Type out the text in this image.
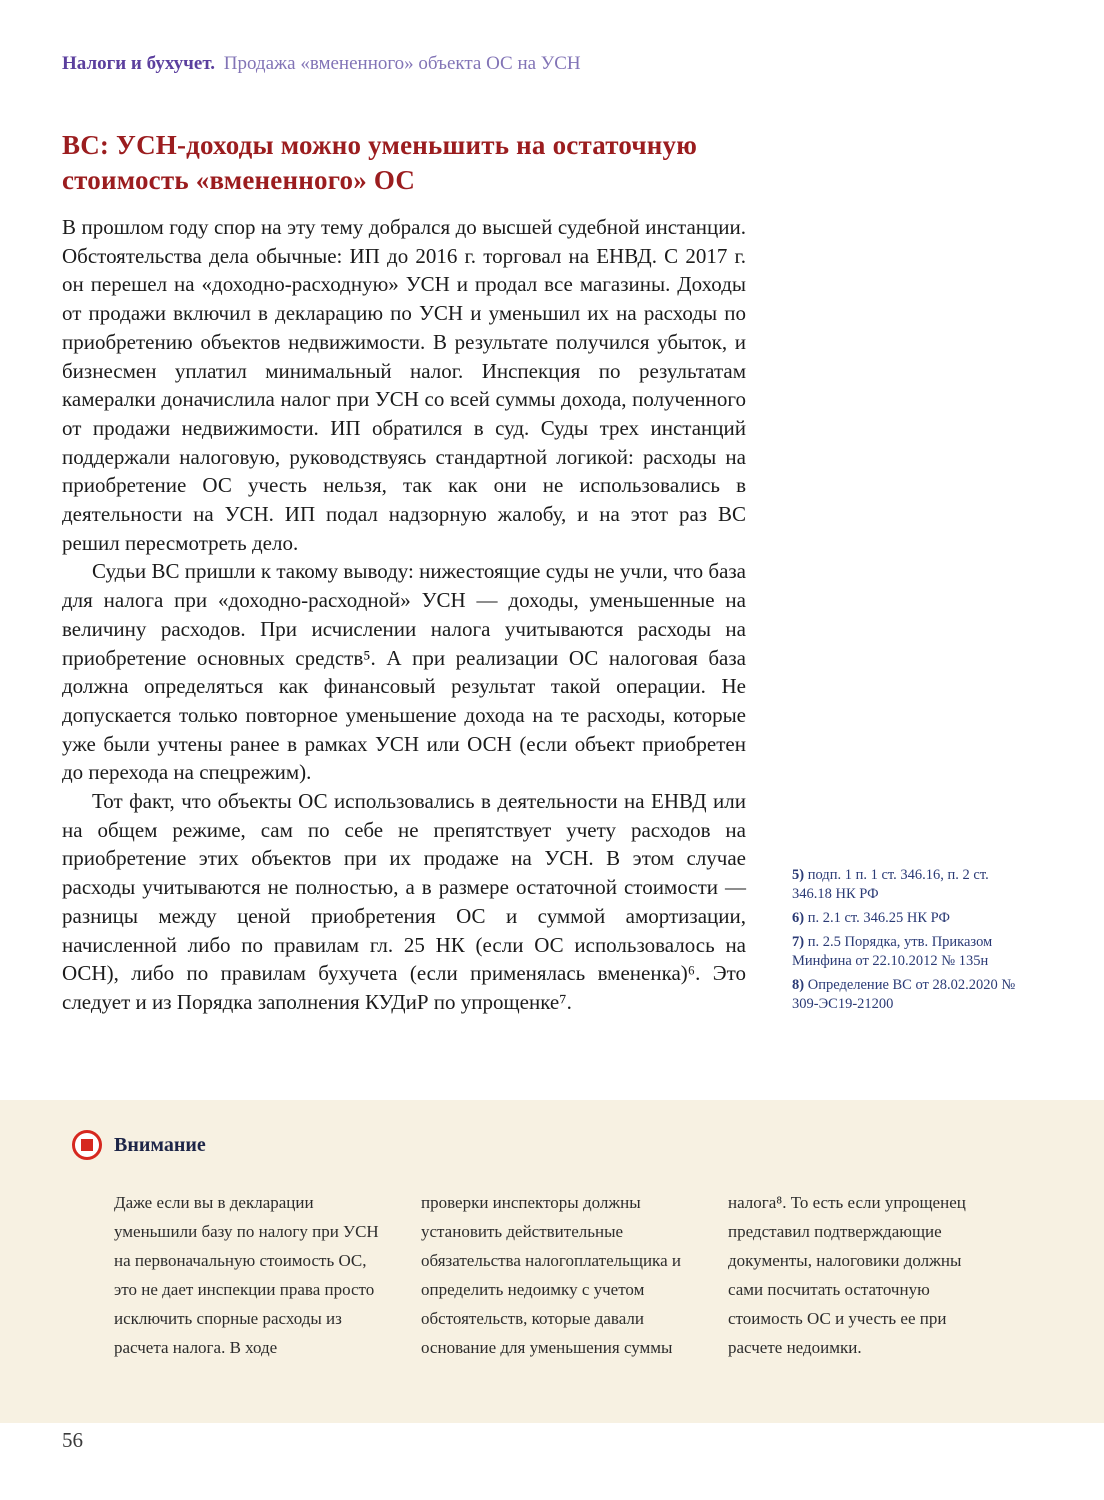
Налоги и бухучет. Продажа «вмененного» объекта ОС на УСН
ВС: УСН-доходы можно уменьшить на остаточную стоимость «вмененного» ОС

В прошлом году спор на эту тему добрался до высшей судебной инстанции. Обстоятельства дела обычные: ИП до 2016 г. торговал на ЕНВД. С 2017 г. он перешел на «доходно-расходную» УСН и продал все магазины. Доходы от продажи включил в декларацию по УСН и уменьшил их на расходы по приобретению объектов недвижимости. В результате получился убыток, и бизнесмен уплатил минимальный налог. Инспекция по результатам камералки доначислила налог при УСН со всей суммы дохода, полученного от продажи недвижимости. ИП обратился в суд. Суды трех инстанций поддержали налоговую, руководствуясь стандартной логикой: расходы на приобретение ОС учесть нельзя, так как они не использовались в деятельности на УСН. ИП подал надзорную жалобу, и на этот раз ВС решил пересмотреть дело.

Судьи ВС пришли к такому выводу: нижестоящие суды не учли, что база для налога при «доходно-расходной» УСН — доходы, уменьшенные на величину расходов. При исчислении налога учитываются расходы на приобретение основных средств⁵. А при реализации ОС налоговая база должна определяться как финансовый результат такой операции. Не допускается только повторное уменьшение дохода на те расходы, которые уже были учтены ранее в рамках УСН или ОСН (если объект приобретен до перехода на спецрежим).

Тот факт, что объекты ОС использовались в деятельности на ЕНВД или на общем режиме, сам по себе не препятствует учету расходов на приобретение этих объектов при их продаже на УСН. В этом случае расходы учитываются не полностью, а в размере остаточной стоимости — разницы между ценой приобретения ОС и суммой амортизации, начисленной либо по правилам гл. 25 НК (если ОС использовалось на ОСН), либо по правилам бухучета (если применялась вмененка)⁶. Это следует и из Порядка заполнения КУДиР по упрощенке⁷.

5) подп. 1 п. 1 ст. 346.16, п. 2 ст. 346.18 НК РФ

6) п. 2.1 ст. 346.25 НК РФ

7) п. 2.5 Порядка, утв. Приказом Минфина от 22.10.2012 № 135н

8) Определение ВС от 28.02.2020 № 309-ЭС19-21200

Внимание
Даже если вы в декларации уменьшили базу по налогу при УСН на первоначальную стоимость ОС, это не дает инспекции права просто исключить спорные расходы из расчета налога. В ходе
проверки инспекторы должны установить действительные обязательства налогоплательщика и определить недоимку с учетом обстоятельств, которые давали основание для уменьшения суммы
налога⁸. То есть если упрощенец представил подтверждающие документы, налоговики должны сами посчитать остаточную стоимость ОС и учесть ее при расчете недоимки.
56
